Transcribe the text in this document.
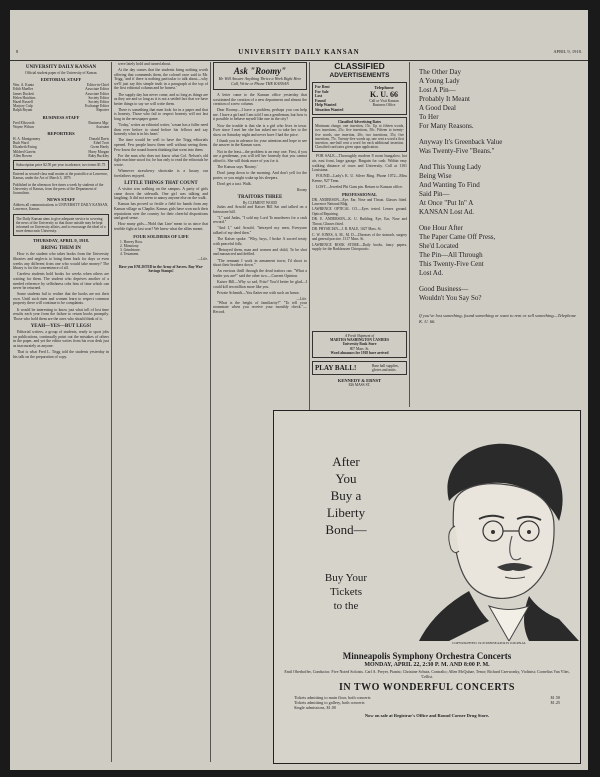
8	UNIVERSITY DAILY KANSAN	APRIL 9, 1918.
UNIVERSITY DAILY KANSAN
Official student paper of the University of Kansas
EDITORIAL STAFF
Wm. A. Kuntz	Editor-in-Chief
Edith Mueller	Associate Editor
James Duckett	Associate Editor
Helen Hutchins	Society Editor
Hazel Russell	Society Editor
Marjory Culp	Exchange Editor
Ralph Bryant	Reporter
BUSINESS STAFF
Fred Ellsworth	Business Mgr.
Wayne Wilson	Assistant
REPORTERS
H. A. Montgomery	Donald Davis
Ruth Ward	Ethel Trott
Elizabeth Ewing	Gwen Hardy
Mildred Garvin	Harry Morgan
Allen Bowen	Ruby Buckley
Subscription price $2.50 per year in advance; two terms $1.75
Entered as second-class mail matter at the postoffice at Lawrence, Kansas, under the Act of March 3, 1879.
Published in the afternoon five times a week by students of the University of Kansas, from the press of the Department of Journalism.
NEWS STAFF
Address all communications to UNIVERSITY DAILY KANSAN, Lawrence, Kansas
The Daily Kansan aims to give adequate service in covering the news of the University so that those outside may be kept informed on University affairs, and to encourage the ideal of a more democratic University.
THURSDAY, APRIL 9, 1918.
BRING THEM IN

How is the student who takes books from the University libraries and neglects to bring them back for days or even weeks any different from one who would take money? The library is for the convenience of all.

Careless students hold books for weeks when others are waiting for them. The student who deprives another of a needed reference by selfishness robs him of time which can never be returned.

Some students fail to realize that the books are not their own. Until such men and women learn to respect common property there will continue to be complaints.

It would be interesting to know just what toll of lost time results each year from the failure to return books promptly. Those who hold them are the ones who should think of it.

YEAH—YES—BUT LEGS!

Editorial writers, a group of students, ready to sport jobs on publications, continually point out the mistakes of others in the paper, and yet the editor writes from his own desk just as inaccurately as anyone.

That is what Fred L. Trigg told the students yesterday in his talk on the preparation of copy.

were lately hold and turned about.

At the day comes that the students bring nothing worth offering that commends them, the colonel once said to Mr. Trigg, 'and if there is nothing particular to talk about—why we'll just say this simple truth in a paragraph at the top of the first editorial column and be honest.'

The supply day has never come, and so long as things are as they are and so long as it is not a settled fact that we have better things to say we will write them.

There is something that men look for in a paper and that is honesty. Those who fail to respect honesty will not last long in the newspaper game.

'Today,' writes an editorial writer, 'a man has a fuller need than ever before to stand before his fellows and say honestly what is in his heart.'

The time would be well to have the Trigg editorials opened. Few people know them well without seeing them. Few know the sound honest thinking that went into them.

For the man who does not know what Col. Nelson's old fight machine stood for, he has only to read the editorials he wrote.

Whenever strawberry shortcake is a luxury our forefathers enjoyed.

LITTLE THINGS THAT COUNT

A visitor was walking on the campus. A party of girls came down the sidewalk. One girl was talking and laughing. It did not seem to annoy anyone else on the walk.

Kansas has proved so fertile a field for bands from any Kansas village as Chaplin. Kansas girls have won such their reputations over the country for their cheerful dispositions and good sense.

How many girls—'Hold that Line' mean to us since that terrible fight at last won? We knew what the allies meant.

FOUR SOLDIERS OF LIFE
1. Harvey Ross.
2. Monotony.
3. Grindstone.
4. Testament.
—Life.
Have you ENLISTED in the Army of Savers. Buy War-Savings Stamps!
Ask "Roomy"
He Will Answer Anything Thrice a Week Right Here
Call, Write or Phone THE KANSAN

A letter came to the Kansan office yesterday that scrutinized the creation of a new department and almost the creation of a new column.

Dear Roomy—I have a problem, perhaps you can help me. I have a girl and I am told I am a gentleman, but how is it possible to behave myself like one in the city?

Now the trouble is that she is a girl who lives in town. Ever since I met her she has asked me to take her to the show on Saturday night and never have I had the price.

I thank you in advance for your attention and hope to see the answer in the Kansan soon.

Not in the least—the problem is an easy one. First, if you are a gentleman, you will tell her honestly that you cannot afford it. She will think more of you for it.

The Kansas says 'Roomy.'

Don't jump down to the morning. And don't yell for the porter, or you might wake up his sleepers.

Don't get a taxi. Walk.

Roomy
TRAITORS THREE
By CLEMENT WOOD

Judas and Arnold and Kaiser Bill Sat and talked on a brimstone hill.

"I," said Judas, "I sold my Lord To murderers for a cash reward."

"And I," said Arnold, "betrayed my men; Everyone talked of my deed then."

The Kaiser spoke. "Why, boys, I broke A sacred treaty with peaceful folk;

"Betrayed them, man and women and child, To be shot and massacred and defiled.

"The remnant I work in armament town; I'd shoot to shoot their brothers down."

An envious thrill through the dead traitors ran. "What a leader you are!" said the other two.—Current Opinion.

Kaiser Bill—Why so sad, Fritz? You'd better be glad—I could kill ten million more like you.

Private Schmidt—You flatter me with such an honor.

—Life.

"What is the height of familiarity?" "To tell your roommate when you receive your monthly check."—Record.

CLASSIFIED
ADVERTISEMENTS
For Rent
For Sale
Lost
Found
Help Wanted
Situation Wanted
Telephone
K. U. 66
Call or Visit Kansan Business Office
Classified Advertising Rates
Minimum charge, one insertion, 15c. Up to fifteen words, two insertions, 25c; five insertions, 50c. Fifteen to twenty-five words, one insertion, 20c; two insertions, 35c; five insertions, 75c. Twenty-five words up, one cent a word a first insertion, one-half cent a word for each additional insertion. Classified card rates given upon application.

FOR SALE—Thoroughly modern 8 room bungalow, hot air, east front, large garage. Bargain for cash. Within easy walking distance of town and University. Call at 1101 Louisiana.

FOUND—Lady's K. U. Silver Ring. Phone 1072—Miss Keene, 927 Tenn.

LOST—Jeweled Phi Gam pin. Return to Kansan office.

PROFESSIONAL
DR. ANDERSON—Eye, Ear, Nose and Throat. Glasses fitted. Lawrence National Bldg.
LAWRENCE OPTICAL CO.—Eyes tested. Lenses ground. Optical Repairing.
DR. E. ANDERSON—K. U. Building. Eye, Ear, Nose and Throat, Glasses fitted.
DR. PHYSICIAN—J. R. BALE, 1027 Mass. St.
C. W. JONES, A. M., M. D.—Diseases of the stomach, surgery and general practice. 1317 Mass. St.
LAWRENCE BOOK STORE—Daily books, fancy papers, supply for the Barkhousen Chiropractic.
A Fresh Shipment of
MARTHA WASHINGTON CANDIES
University Book Store
807 Mass. St.
Word almanacs for 1918 have arrived
PLAY BALL!	Base ball supplies, gloves and mitts.
KENNEDY & ERNST
826 MASS ST.

The Other Day
A Young Lady
Lost A Pin—
Probably It Meant
A Good Deal
To Her
For Many Reasons.

Anyway It's Greenback Value
Was Twenty-Five "Beans."

And This Young Lady
Being Wise
And Wanting To Find
Said Pin—
At Once "Put In" A
KANSAN Lost Ad.

One Hour After
The Paper Came Off Press,
She'd Located
The Pin—All Through
This Twenty-Five Cent
Lost Ad.

Good Business—
Wouldn't You Say So?

If you've lost something, found something or want to rent or sell something—Telephone K. U. 66.
After
You
Buy a
Liberty
Bond—
Buy Your
Tickets
to the
COPYRIGHTED 1918 MINNEAPOLIS JOURNAL
Minneapolis Symphony Orchestra Concerts
MONDAY, APRIL 22, 2:30 P. M. AND 8:00 P. M.
Emil Oberhoffer, Conductor. Five Noted Soloists. Carl A. Preyer, Pianist; Christine Schutz, Contralto; Allen McQuhae, Tenor; Richard Czerwonky, Violinist; Cornelius Van Vliet, 'Cellist.
IN TWO WONDERFUL CONCERTS
Tickets admitting to main floor, both concerts	$1.50
Tickets admitting to gallery, both concerts	$1.25
Single admissions, $1.00
Now on sale at Registrar's Office and Round Corner Drug Store.
